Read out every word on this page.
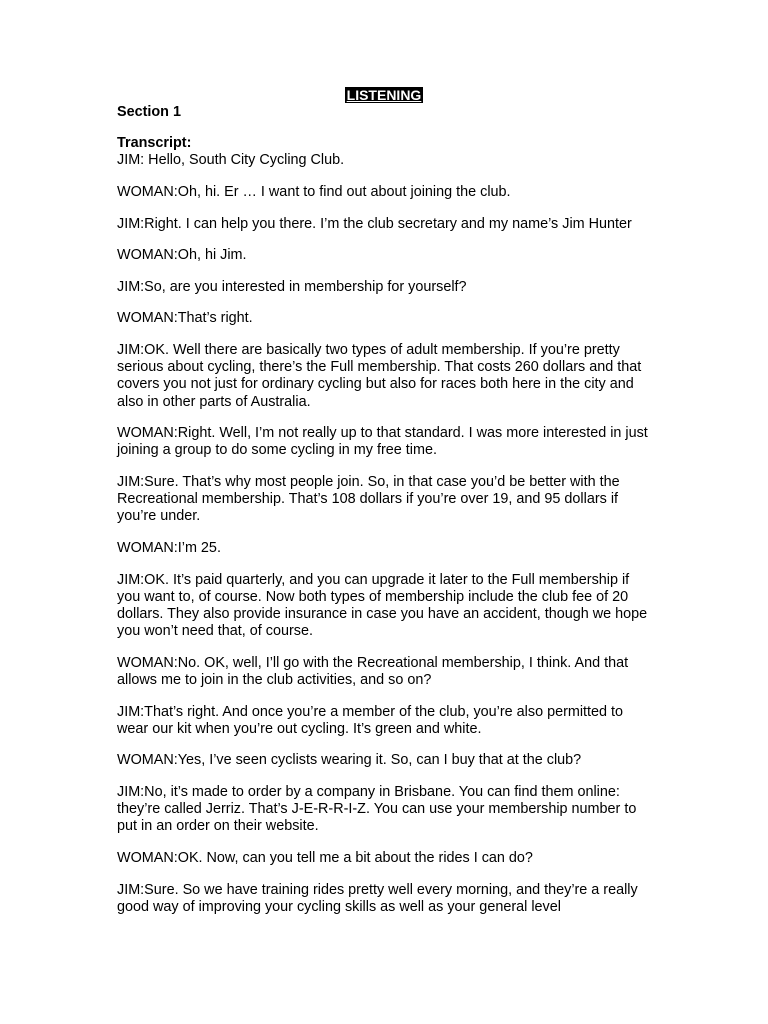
LISTENING

Section 1

Transcript:

JIM: Hello, South City Cycling Club.

WOMAN:Oh, hi. Er … I want to find out about joining the club.

JIM:Right. I can help you there. I’m the club secretary and my name’s Jim Hunter

WOMAN:Oh, hi Jim.

JIM:So, are you interested in membership for yourself?

WOMAN:That’s right.

JIM:OK. Well there are basically two types of adult membership. If you’re pretty serious about cycling, there’s the Full membership. That costs 260 dollars and that covers you not just for ordinary cycling but also for races both here in the city and also in other parts of Australia.

WOMAN:Right. Well, I’m not really up to that standard. I was more interested in just joining a group to do some cycling in my free time.

JIM:Sure. That’s why most people join. So, in that case you’d be better with the Recreational membership. That’s 108 dollars if you’re over 19, and 95 dollars if you’re under.

WOMAN:I’m 25.

JIM:OK. It’s paid quarterly, and you can upgrade it later to the Full membership if you want to, of course. Now both types of membership include the club fee of 20 dollars. They also provide insurance in case you have an accident, though we hope you won’t need that, of course.

WOMAN:No. OK, well, I’ll go with the Recreational membership, I think. And that allows me to join in the club activities, and so on?

JIM:That’s right. And once you’re a member of the club, you’re also permitted to wear our kit when you’re out cycling. It’s green and white.

WOMAN:Yes, I’ve seen cyclists wearing it. So, can I buy that at the club?

JIM:No, it’s made to order by a company in Brisbane. You can find them online: they’re called Jerriz. That’s J-E-R-R-I-Z. You can use your membership number to put in an order on their website.

WOMAN:OK. Now, can you tell me a bit about the rides I can do?

JIM:Sure. So we have training rides pretty well every morning, and they’re a really good way of improving your cycling skills as well as your general level
